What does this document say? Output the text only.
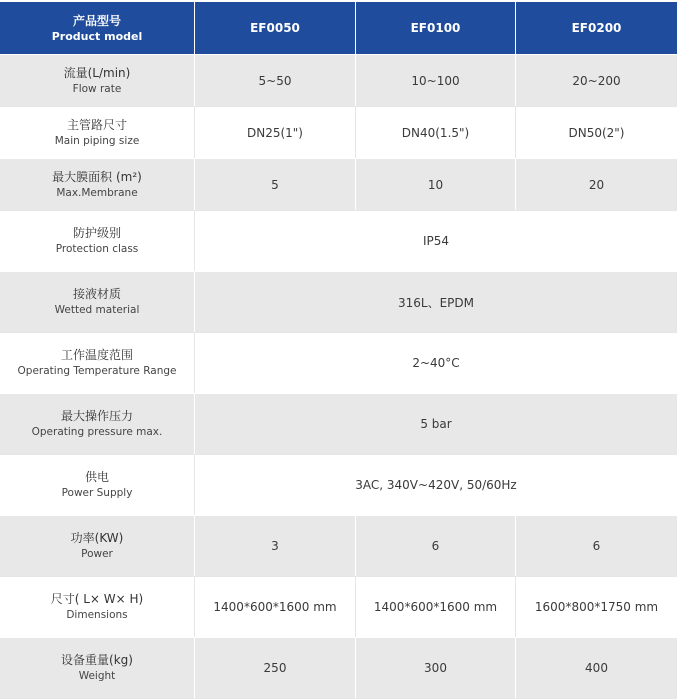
产品型号
Product model	EF0050	EF0100	EF0200

流量(L/min)
Flow rate	5~50	10~100	20~200

主管路尺寸
Main piping size	DN25(1")	DN40(1.5")	DN50(2")

最大膜面积 (m²)
Max.Membrane	5	10	20

防护级别
Protection class	IP54		

接液材质
Wetted material	316L、EPDM		

工作温度范围
Operating Temperature Range	2~40°C		

最大操作压力
Operating pressure max.	5 bar		

供电
Power Supply	3AC, 340V~420V, 50/60Hz		

功率(KW)
Power	3	6	6

尺寸( L× W× H)
Dimensions	1400*600*1600 mm	1400*600*1600 mm	1600*800*1750 mm

设备重量(kg)
Weight	250	300	400
